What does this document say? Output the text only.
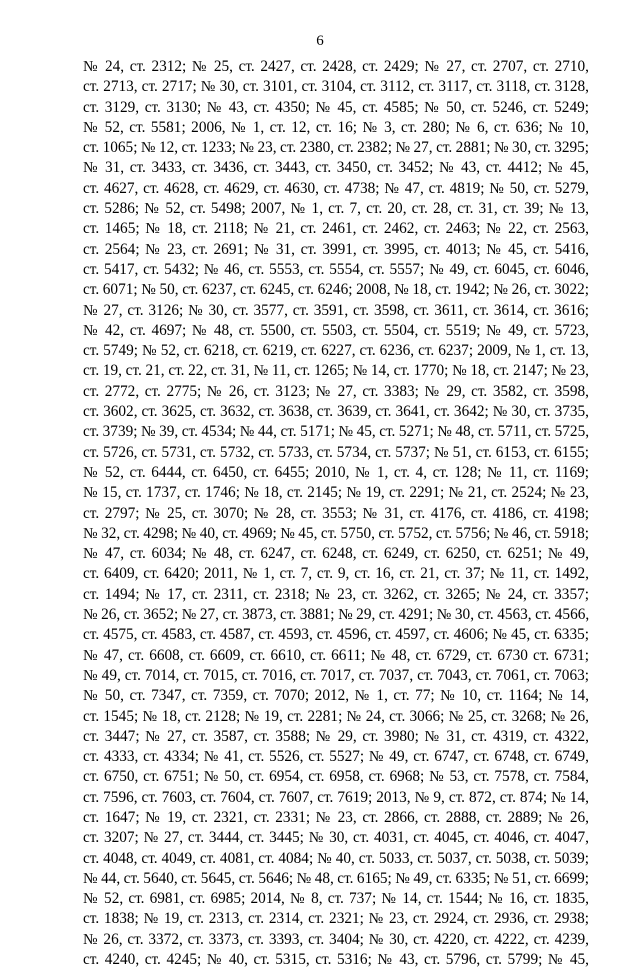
6
№ 24, ст. 2312; № 25, ст. 2427, ст. 2428, ст. 2429; № 27, ст. 2707, ст. 2710,
ст. 2713, ст. 2717; № 30, ст. 3101, ст. 3104, ст. 3112, ст. 3117, ст. 3118, ст. 3128,
ст. 3129, ст. 3130; № 43, ст. 4350; № 45, ст. 4585; № 50, ст. 5246, ст. 5249;
№ 52, ст. 5581; 2006, № 1, ст. 12, ст. 16; № 3, ст. 280; № 6, ст. 636; № 10,
ст. 1065; № 12, ст. 1233; № 23, ст. 2380, ст. 2382; № 27, ст. 2881; № 30, ст. 3295;
№ 31, ст. 3433, ст. 3436, ст. 3443, ст. 3450, ст. 3452; № 43, ст. 4412; № 45,
ст. 4627, ст. 4628, ст. 4629, ст. 4630, ст. 4738; № 47, ст. 4819; № 50, ст. 5279,
ст. 5286; № 52, ст. 5498; 2007, № 1, ст. 7, ст. 20, ст. 28, ст. 31, ст. 39; № 13,
ст. 1465; № 18, ст. 2118; № 21, ст. 2461, ст. 2462, ст. 2463; № 22, ст. 2563,
ст. 2564; № 23, ст. 2691; № 31, ст. 3991, ст. 3995, ст. 4013; № 45, ст. 5416,
ст. 5417, ст. 5432; № 46, ст. 5553, ст. 5554, ст. 5557; № 49, ст. 6045, ст. 6046,
ст. 6071; № 50, ст. 6237, ст. 6245, ст. 6246; 2008, № 18, ст. 1942; № 26, ст. 3022;
№ 27, ст. 3126; № 30, ст. 3577, ст. 3591, ст. 3598, ст. 3611, ст. 3614, ст. 3616;
№ 42, ст. 4697; № 48, ст. 5500, ст. 5503, ст. 5504, ст. 5519; № 49, ст. 5723,
ст. 5749; № 52, ст. 6218, ст. 6219, ст. 6227, ст. 6236, ст. 6237; 2009, № 1, ст. 13,
ст. 19, ст. 21, ст. 22, ст. 31, № 11, ст. 1265; № 14, ст. 1770; № 18, ст. 2147; № 23,
ст. 2772, ст. 2775; № 26, ст. 3123; № 27, ст. 3383; № 29, ст. 3582, ст. 3598,
ст. 3602, ст. 3625, ст. 3632, ст. 3638, ст. 3639, ст. 3641, ст. 3642; № 30, ст. 3735,
ст. 3739; № 39, ст. 4534; № 44, ст. 5171; № 45, ст. 5271; № 48, ст. 5711, ст. 5725,
ст. 5726, ст. 5731, ст. 5732, ст. 5733, ст. 5734, ст. 5737; № 51, ст. 6153, ст. 6155;
№ 52, ст. 6444, ст. 6450, ст. 6455; 2010, № 1, ст. 4, ст. 128; № 11, ст. 1169;
№ 15, ст. 1737, ст. 1746; № 18, ст. 2145; № 19, ст. 2291; № 21, ст. 2524; № 23,
ст. 2797; № 25, ст. 3070; № 28, ст. 3553; № 31, ст. 4176, ст. 4186, ст. 4198;
№ 32, ст. 4298; № 40, ст. 4969; № 45, ст. 5750, ст. 5752, ст. 5756; № 46, ст. 5918;
№ 47, ст. 6034; № 48, ст. 6247, ст. 6248, ст. 6249, ст. 6250, ст. 6251; № 49,
ст. 6409, ст. 6420; 2011, № 1, ст. 7, ст. 9, ст. 16, ст. 21, ст. 37; № 11, ст. 1492,
ст. 1494; № 17, ст. 2311, ст. 2318; № 23, ст. 3262, ст. 3265; № 24, ст. 3357;
№ 26, ст. 3652; № 27, ст. 3873, ст. 3881; № 29, ст. 4291; № 30, ст. 4563, ст. 4566,
ст. 4575, ст. 4583, ст. 4587, ст. 4593, ст. 4596, ст. 4597, ст. 4606; № 45, ст. 6335;
№ 47, ст. 6608, ст. 6609, ст. 6610, ст. 6611; № 48, ст. 6729, ст. 6730 ст. 6731;
№ 49, ст. 7014, ст. 7015, ст. 7016, ст. 7017, ст. 7037, ст. 7043, ст. 7061, ст. 7063;
№ 50, ст. 7347, ст. 7359, ст. 7070; 2012, № 1, ст. 77; № 10, ст. 1164; № 14,
ст. 1545; № 18, ст. 2128; № 19, ст. 2281; № 24, ст. 3066; № 25, ст. 3268; № 26,
ст. 3447; № 27, ст. 3587, ст. 3588; № 29, ст. 3980; № 31, ст. 4319, ст. 4322,
ст. 4333, ст. 4334; № 41, ст. 5526, ст. 5527; № 49, ст. 6747, ст. 6748, ст. 6749,
ст. 6750, ст. 6751; № 50, ст. 6954, ст. 6958, ст. 6968; № 53, ст. 7578, ст. 7584,
ст. 7596, ст. 7603, ст. 7604, ст. 7607, ст. 7619; 2013, № 9, ст. 872, ст. 874; № 14,
ст. 1647; № 19, ст. 2321, ст. 2331; № 23, ст. 2866, ст. 2888, ст. 2889; № 26,
ст. 3207; № 27, ст. 3444, ст. 3445; № 30, ст. 4031, ст. 4045, ст. 4046, ст. 4047,
ст. 4048, ст. 4049, ст. 4081, ст. 4084; № 40, ст. 5033, ст. 5037, ст. 5038, ст. 5039;
№ 44, ст. 5640, ст. 5645, ст. 5646; № 48, ст. 6165; № 49, ст. 6335; № 51, ст. 6699;
№ 52, ст. 6981, ст. 6985; 2014, № 8, ст. 737; № 14, ст. 1544; № 16, ст. 1835,
ст. 1838; № 19, ст. 2313, ст. 2314, ст. 2321; № 23, ст. 2924, ст. 2936, ст. 2938;
№ 26, ст. 3372, ст. 3373, ст. 3393, ст. 3404; № 30, ст. 4220, ст. 4222, ст. 4239,
ст. 4240, ст. 4245; № 40, ст. 5315, ст. 5316; № 43, ст. 5796, ст. 5799; № 45,
